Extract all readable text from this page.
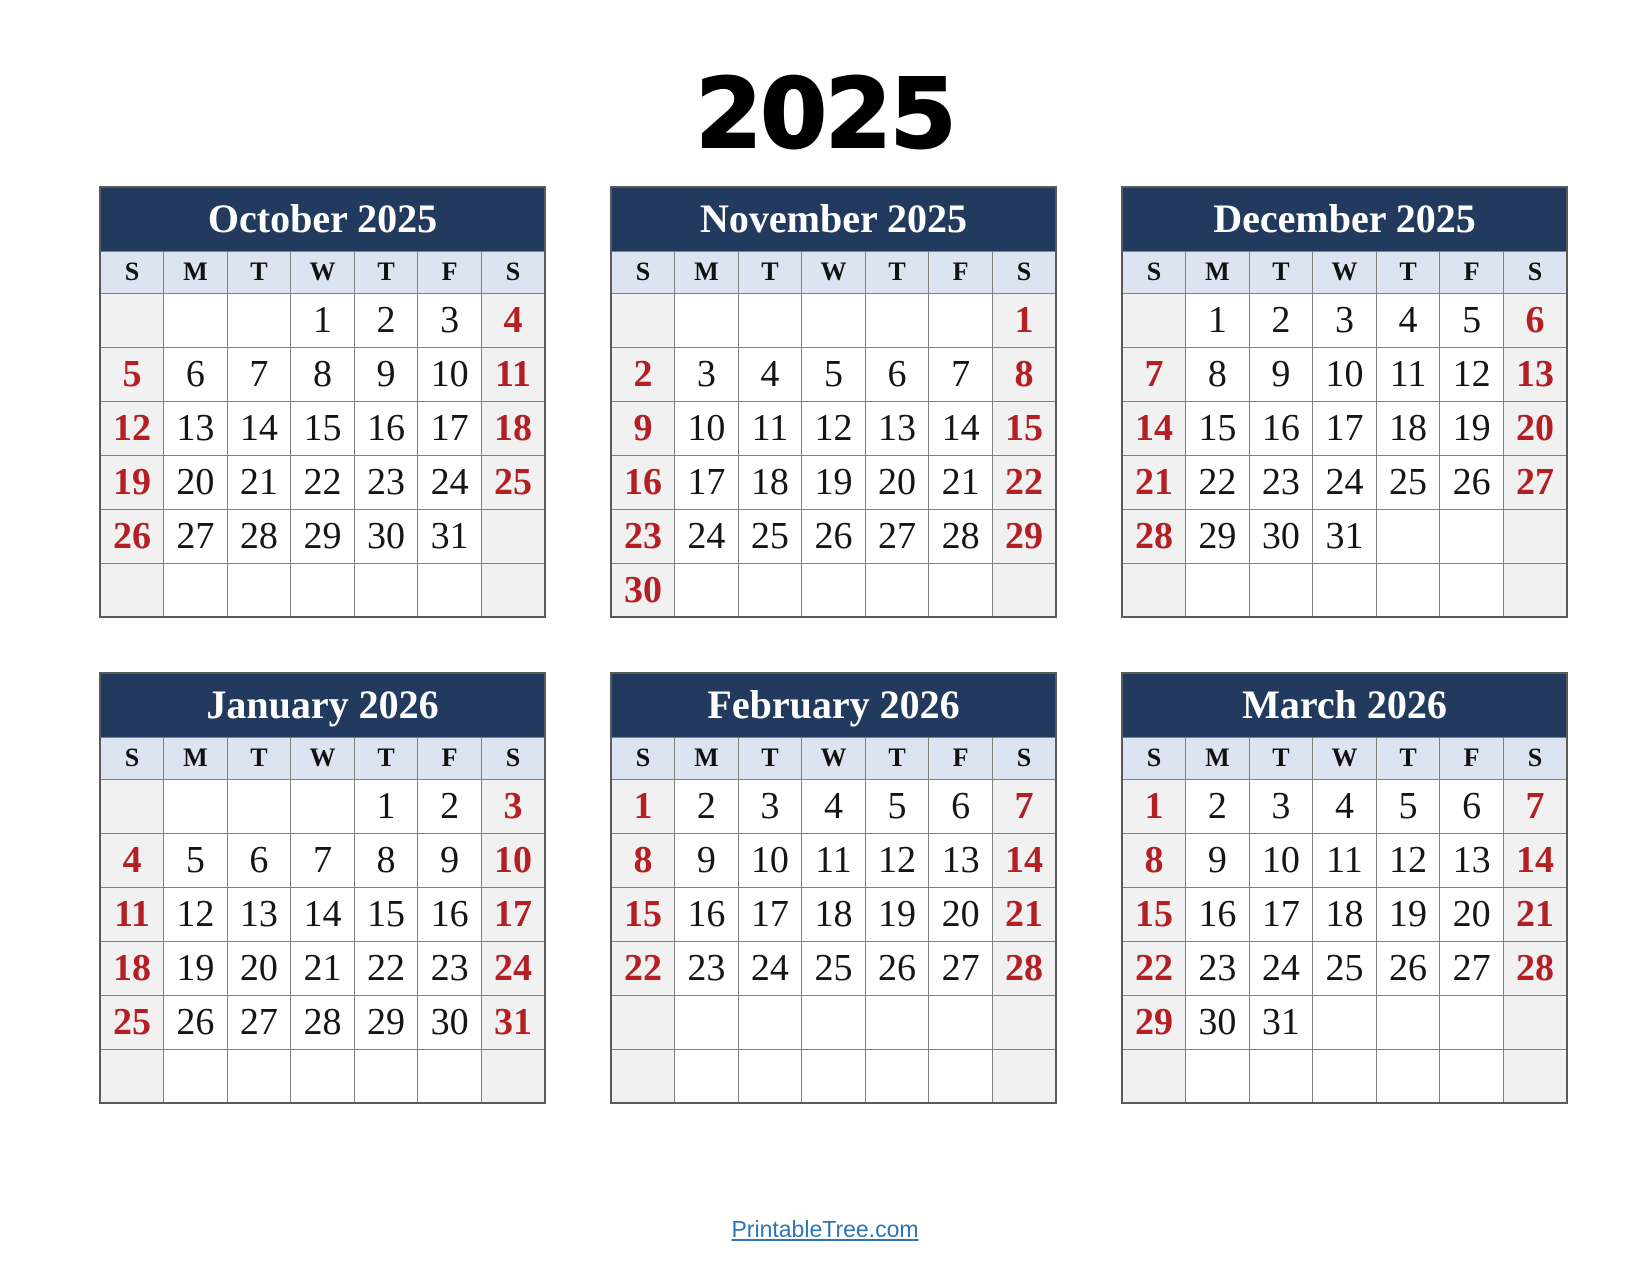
2025
October 2025						
S	M	T	W	T	F	S
			1	2	3	4
5	6	7	8	9	10	11
12	13	14	15	16	17	18
19	20	21	22	23	24	25
26	27	28	29	30	31	

November 2025						
S	M	T	W	T	F	S
						1
2	3	4	5	6	7	8
9	10	11	12	13	14	15
16	17	18	19	20	21	22
23	24	25	26	27	28	29
30						
December 2025						
S	M	T	W	T	F	S
	1	2	3	4	5	6
7	8	9	10	11	12	13
14	15	16	17	18	19	20
21	22	23	24	25	26	27
28	29	30	31			

January 2026						
S	M	T	W	T	F	S
				1	2	3
4	5	6	7	8	9	10
11	12	13	14	15	16	17
18	19	20	21	22	23	24
25	26	27	28	29	30	31

February 2026						
S	M	T	W	T	F	S
1	2	3	4	5	6	7
8	9	10	11	12	13	14
15	16	17	18	19	20	21
22	23	24	25	26	27	28

March 2026						
S	M	T	W	T	F	S
1	2	3	4	5	6	7
8	9	10	11	12	13	14
15	16	17	18	19	20	21
22	23	24	25	26	27	28
29	30	31				

PrintableTree.com
